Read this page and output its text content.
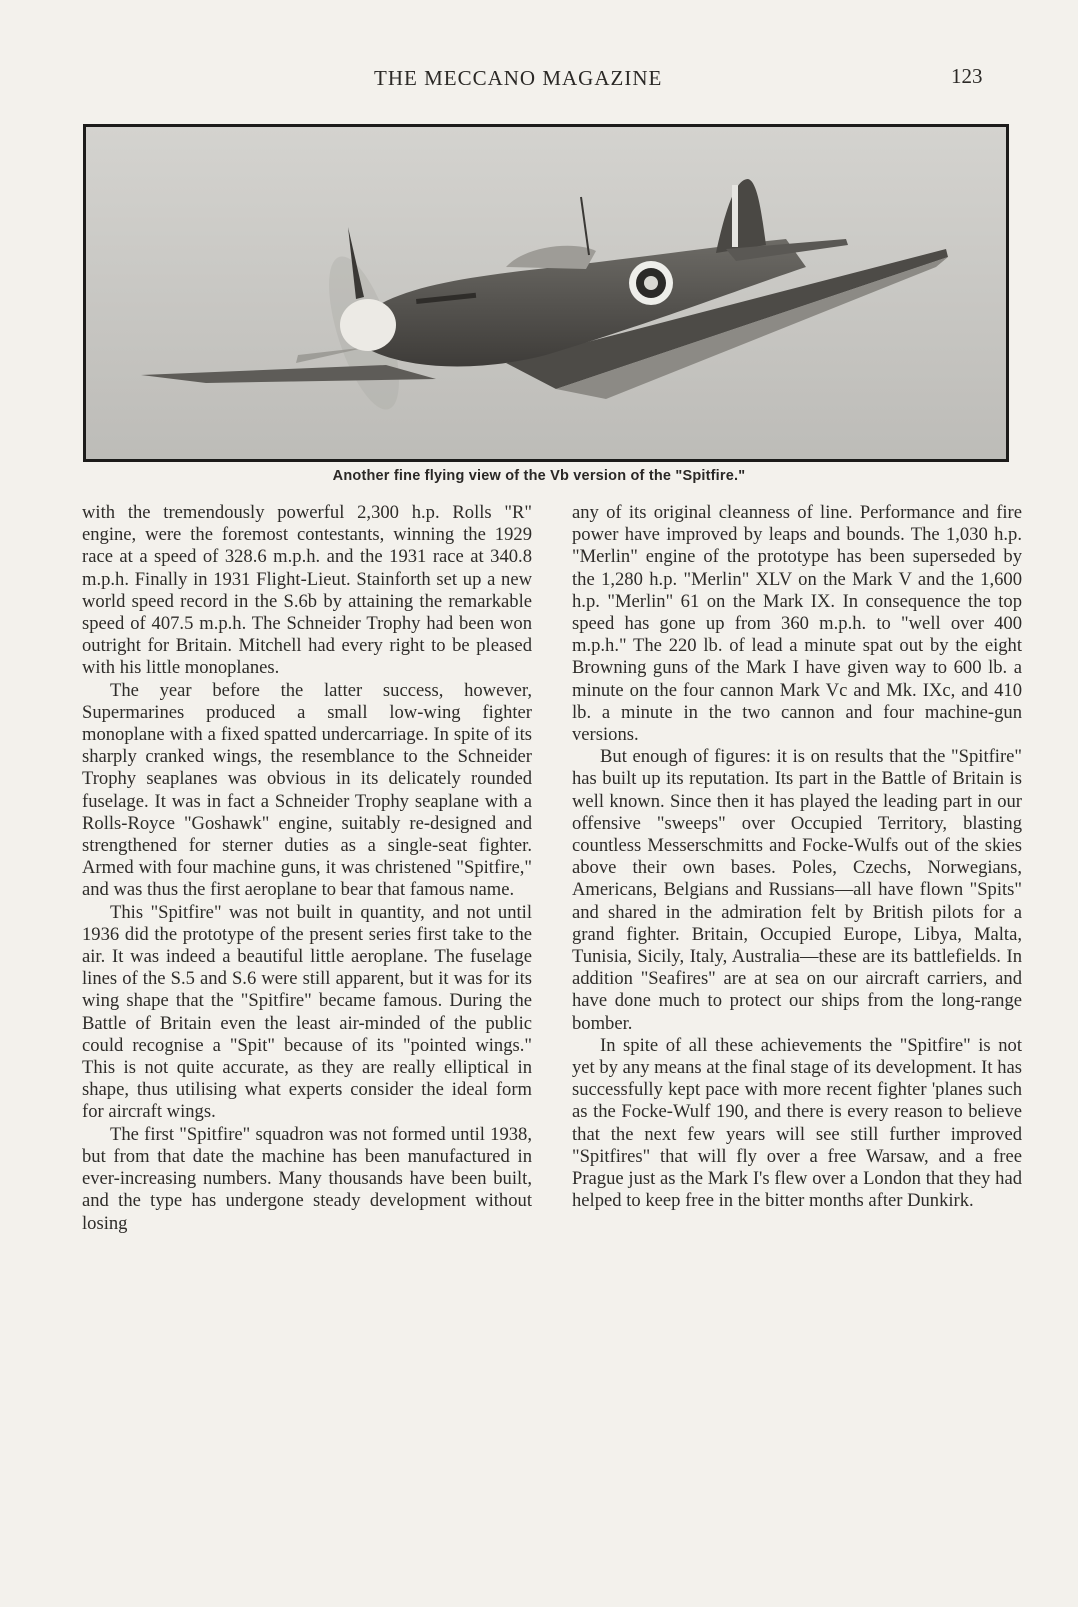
THE MECCANO MAGAZINE	123
Another fine flying view of the Vb version of the "Spitfire."

with the tremendously powerful 2,300 h.p. Rolls "R" engine, were the foremost contestants, winning the 1929 race at a speed of 328.6 m.p.h. and the 1931 race at 340.8 m.p.h. Finally in 1931 Flight-Lieut. Stainforth set up a new world speed record in the S.6b by attaining the remarkable speed of 407.5 m.p.h. The Schneider Trophy had been won outright for Britain. Mitchell had every right to be pleased with his little monoplanes.

The year before the latter success, however, Supermarines produced a small low-wing fighter monoplane with a fixed spatted undercarriage. In spite of its sharply cranked wings, the resemblance to the Schneider Trophy seaplanes was obvious in its delicately rounded fuselage. It was in fact a Schneider Trophy seaplane with a Rolls-Royce "Goshawk" engine, suitably re-designed and strengthened for sterner duties as a single-seat fighter. Armed with four machine guns, it was christened "Spitfire," and was thus the first aeroplane to bear that famous name.

This "Spitfire" was not built in quantity, and not until 1936 did the prototype of the present series first take to the air. It was indeed a beautiful little aeroplane. The fuselage lines of the S.5 and S.6 were still apparent, but it was for its wing shape that the "Spitfire" became famous. During the Battle of Britain even the least air-minded of the public could recognise a "Spit" because of its "pointed wings." This is not quite accurate, as they are really elliptical in shape, thus utilising what experts consider the ideal form for aircraft wings.

The first "Spitfire" squadron was not formed until 1938, but from that date the machine has been manufactured in ever-increasing numbers. Many thousands have been built, and the type has undergone steady development without losing

any of its original cleanness of line. Performance and fire power have improved by leaps and bounds. The 1,030 h.p. "Merlin" engine of the prototype has been superseded by the 1,280 h.p. "Merlin" XLV on the Mark V and the 1,600 h.p. "Merlin" 61 on the Mark IX. In consequence the top speed has gone up from 360 m.p.h. to "well over 400 m.p.h." The 220 lb. of lead a minute spat out by the eight Browning guns of the Mark I have given way to 600 lb. a minute on the four cannon Mark Vc and Mk. IXc, and 410 lb. a minute in the two cannon and four machine-gun versions.

But enough of figures: it is on results that the "Spitfire" has built up its reputation. Its part in the Battle of Britain is well known. Since then it has played the leading part in our offensive "sweeps" over Occupied Territory, blasting countless Messerschmitts and Focke-Wulfs out of the skies above their own bases. Poles, Czechs, Norwegians, Americans, Belgians and Russians—all have flown "Spits" and shared in the admiration felt by British pilots for a grand fighter. Britain, Occupied Europe, Libya, Malta, Tunisia, Sicily, Italy, Australia—these are its battlefields. In addition "Seafires" are at sea on our aircraft carriers, and have done much to protect our ships from the long-range bomber.

In spite of all these achievements the "Spitfire" is not yet by any means at the final stage of its development. It has successfully kept pace with more recent fighter 'planes such as the Focke-Wulf 190, and there is every reason to believe that the next few years will see still further improved "Spitfires" that will fly over a free Warsaw, and a free Prague just as the Mark I's flew over a London that they had helped to keep free in the bitter months after Dunkirk.
